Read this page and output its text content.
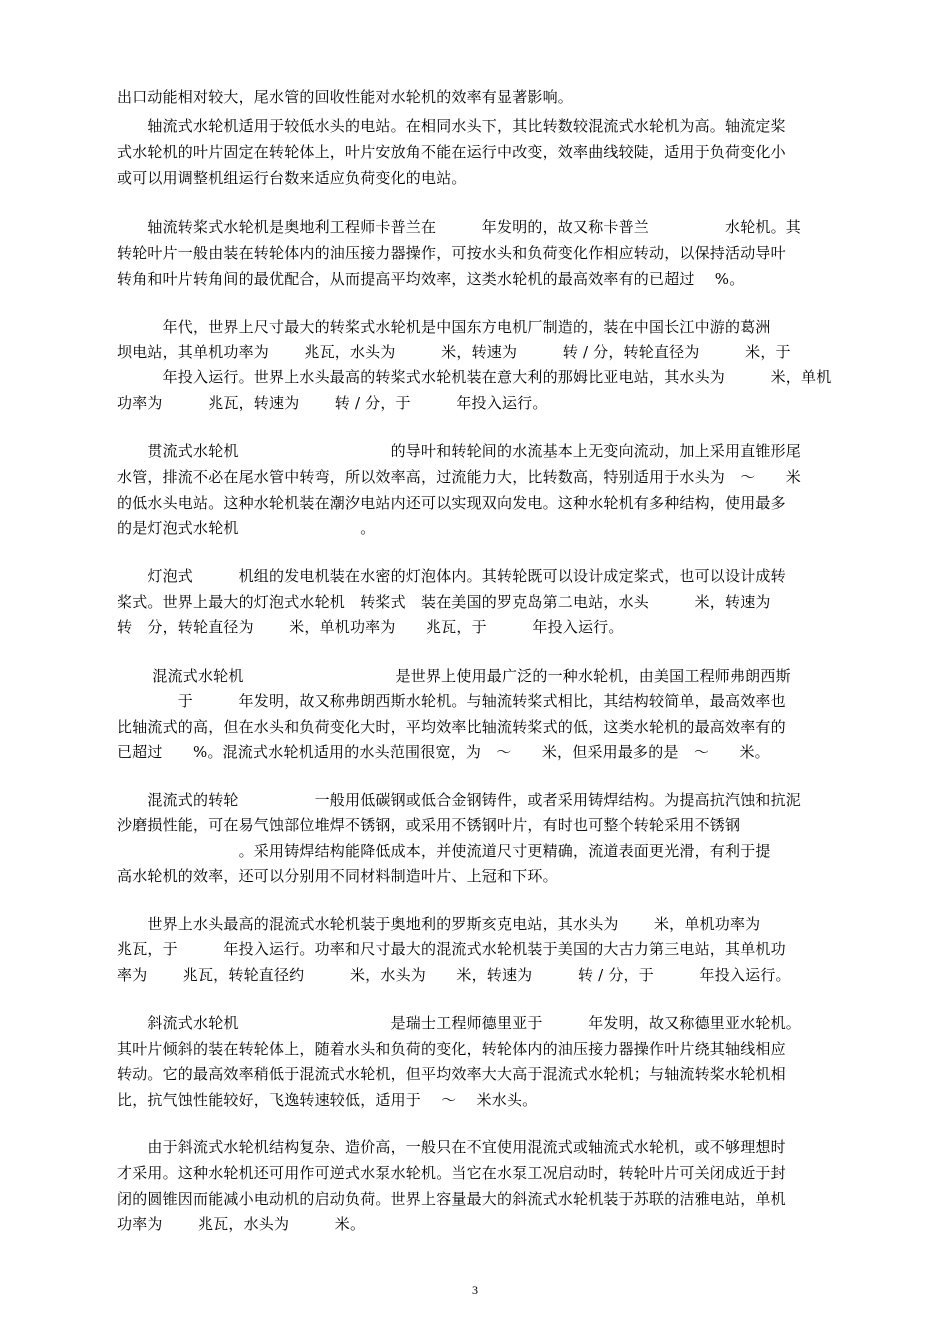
出口动能相对较大，尾水管的回收性能对水轮机的效率有显著影响。
　　轴流式水轮机适用于较低水头的电站。在相同水头下，其比转数较混流式水轮机为高。轴流定桨
式水轮机的叶片固定在转轮体上，叶片安放角不能在运行中改变，效率曲线较陡，适用于负荷变化小
或可以用调整机组运行台数来适应负荷变化的电站。
　　轴流转桨式水轮机是奥地利工程师卡普兰在　　　年发明的，故又称卡普兰　　　　　水轮机。其
转轮叶片一般由装在转轮体内的油压接力器操作，可按水头和负荷变化作相应转动，以保持活动导叶
转角和叶片转角间的最优配合，从而提高平均效率，这类水轮机的最高效率有的已超过　 %。
　　　年代，世界上尺寸最大的转桨式水轮机是中国东方电机厂制造的，装在中国长江中游的葛洲
坝电站，其单机功率为　　 兆瓦，水头为　　　米，转速为　　　转 / 分，转轮直径为　　　米，于
　　　年投入运行。世界上水头最高的转桨式水轮机装在意大利的那姆比亚电站，其水头为　　　米，单机
功率为　　　兆瓦，转速为　　 转 / 分，于　　　年投入运行。
　　贯流式水轮机　　　　　　　　　　的导叶和转轮间的水流基本上无变向流动，加上采用直锥形尾
水管，排流不必在尾水管中转弯，所以效率高，过流能力大，比转数高，特别适用于水头为　～　　米
的低水头电站。这种水轮机装在潮汐电站内还可以实现双向发电。这种水轮机有多种结构，使用最多
的是灯泡式水轮机　　　　　　　　。
　　灯泡式　　　机组的发电机装在水密的灯泡体内。其转轮既可以设计成定桨式，也可以设计成转
桨式。世界上最大的灯泡式水轮机　转桨式　装在美国的罗克岛第二电站，水头　　　米，转速为
转　分，转轮直径为　　 米，单机功率为　　兆瓦，于　　　年投入运行。
　　 混流式水轮机　　　　　　　　　　是世界上使用最广泛的一种水轮机，由美国工程师弗朗西斯
　　　　于　　　年发明，故又称弗朗西斯水轮机。与轴流转桨式相比，其结构较简单，最高效率也
比轴流式的高，但在水头和负荷变化大时，平均效率比轴流转桨式的低，这类水轮机的最高效率有的
已超过　　%。混流式水轮机适用的水头范围很宽，为　～　　米，但采用最多的是　～　　米。
　　混流式的转轮　　　　　一般用低碳钢或低合金钢铸件，或者采用铸焊结构。为提高抗汽蚀和抗泥
沙磨损性能，可在易气蚀部位堆焊不锈钢，或采用不锈钢叶片，有时也可整个转轮采用不锈钢
　　　　　　　　。采用铸焊结构能降低成本，并使流道尺寸更精确，流道表面更光滑，有利于提
高水轮机的效率，还可以分别用不同材料制造叶片、上冠和下环。
　　世界上水头最高的混流式水轮机装于奥地利的罗斯亥克电站，其水头为　　 米，单机功率为
兆瓦，于　　　年投入运行。功率和尺寸最大的混流式水轮机装于美国的大古力第三电站，其单机功
率为　　 兆瓦，转轮直径约　　　米，水头为　　米，转速为　　　转 / 分，于　　　年投入运行。
　　斜流式水轮机　　　　　　　　　　是瑞士工程师德里亚于　　　年发明，故又称德里亚水轮机。
其叶片倾斜的装在转轮体上，随着水头和负荷的变化，转轮体内的油压接力器操作叶片绕其轴线相应
转动。它的最高效率稍低于混流式水轮机，但平均效率大大高于混流式水轮机；与轴流转桨水轮机相
比，抗气蚀性能较好，飞逸转速较低，适用于　 ～　 米水头。
　　由于斜流式水轮机结构复杂、造价高，一般只在不宜使用混流式或轴流式水轮机，或不够理想时
才采用。这种水轮机还可用作可逆式水泵水轮机。当它在水泵工况启动时，转轮叶片可关闭成近于封
闭的圆锥因而能减小电动机的启动负荷。世界上容量最大的斜流式水轮机装于苏联的洁雅电站，单机
功率为　　 兆瓦，水头为　　　米。
3
